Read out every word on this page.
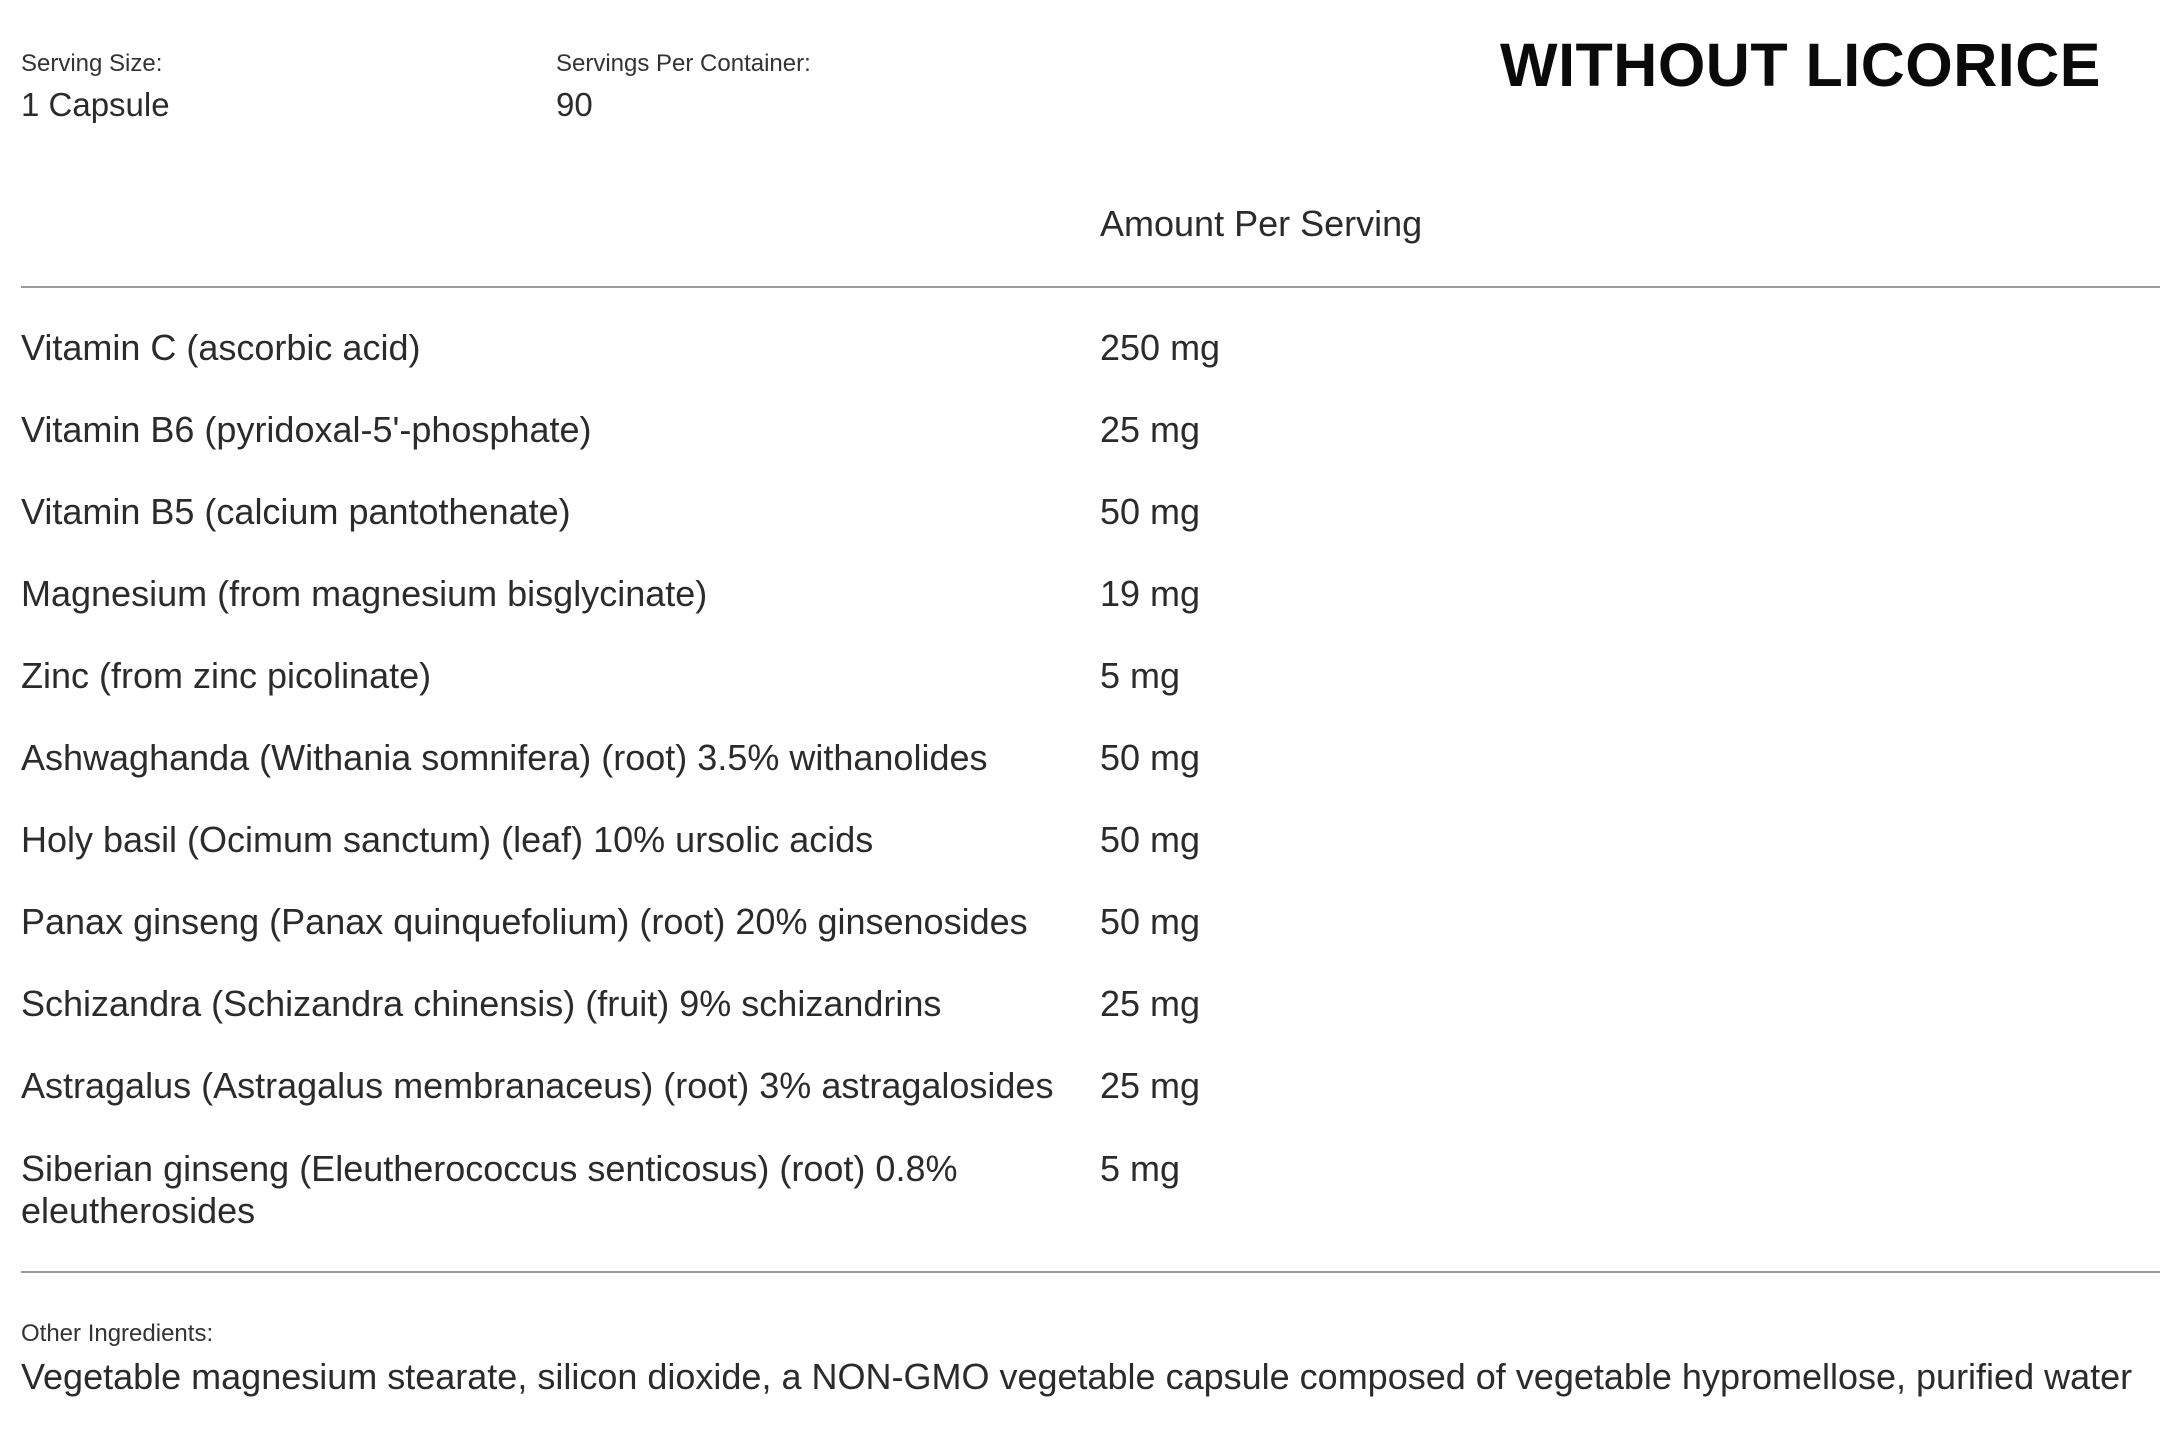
Serving Size:
1 Capsule
Servings Per Container:
90
WITHOUT LICORICE
Amount Per Serving
Vitamin C (ascorbic acid)	250 mg
Vitamin B6 (pyridoxal-5'-phosphate)	25 mg
Vitamin B5 (calcium pantothenate)	50 mg
Magnesium (from magnesium bisglycinate)	19 mg
Zinc (from zinc picolinate)	5 mg
Ashwaghanda (Withania somnifera) (root) 3.5% withanolides	50 mg
Holy basil (Ocimum sanctum) (leaf) 10% ursolic acids	50 mg
Panax ginseng (Panax quinquefolium) (root) 20% ginsenosides	50 mg
Schizandra (Schizandra chinensis) (fruit) 9% schizandrins	25 mg
Astragalus (Astragalus membranaceus) (root) 3% astragalosides 25 mg
Siberian ginseng (Eleutherococcus senticosus) (root) 0.8% eleutherosides
5 mg
Other Ingredients:
Vegetable magnesium stearate, silicon dioxide, a NON-GMO vegetable capsule composed of vegetable hypromellose, purified water
